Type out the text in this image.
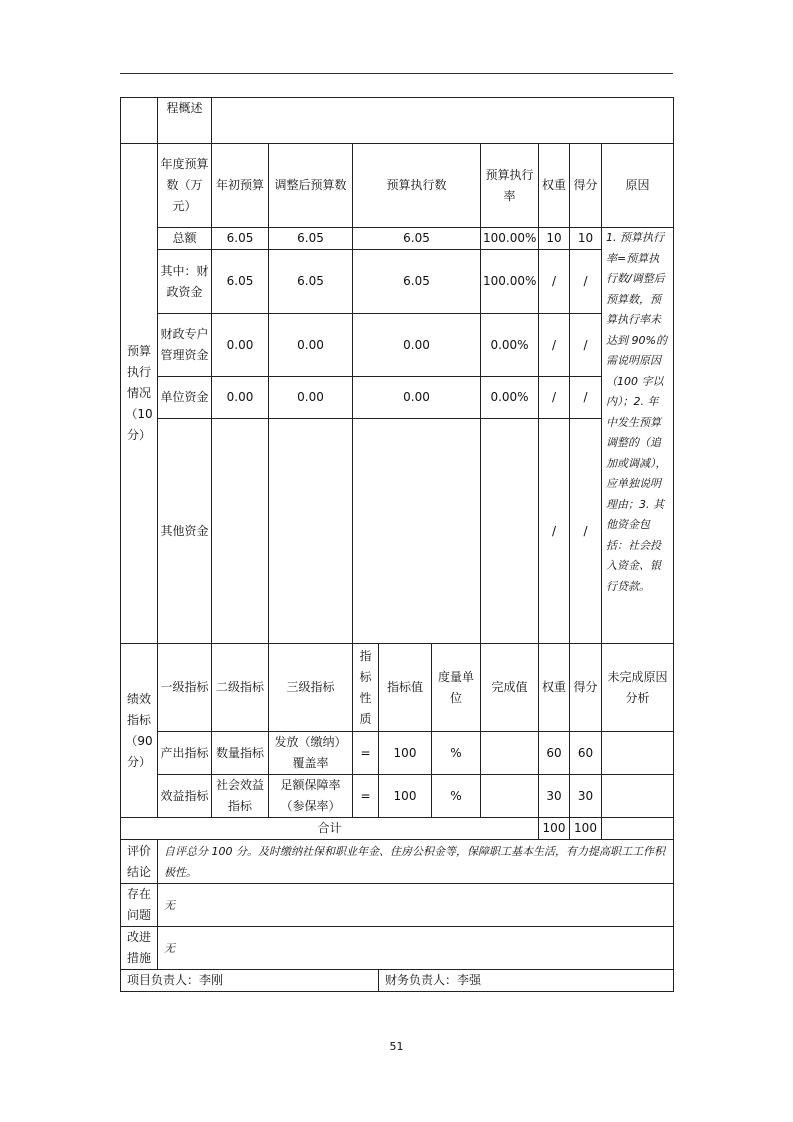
	程概述									
预算执行情况（10分）	年度预算数（万元）	年初预算	调整后预算数	预算执行数			预算执行率	权重	得分	原因
	总额	6.05	6.05	6.05			100.00%	10	10	1. 预算执行率=预算执行数/调整后预算数，预算执行率未达到 90%的需说明原因（100 字以内）；2. 年中发生预算调整的（追加或调减），应单独说明理由；3. 其他资金包括：社会投入资金、银行贷款。
	其中：财政资金	6.05	6.05	6.05			100.00%	/	/	
	财政专户管理资金	0.00	0.00	0.00			0.00%	/	/	
	单位资金	0.00	0.00	0.00			0.00%	/	/	
	其他资金							/	/	
绩效指标（90分）	一级指标	二级指标	三级指标	指标性质	指标值	度量单位	完成值	权重	得分	未完成原因分析
	产出指标	数量指标	发放（缴纳）覆盖率	=	100	%		60	60	
	效益指标	社会效益指标	足额保障率（参保率）	=	100	%		30	30	
合计								100	100	
评价结论	自评总分 100 分。及时缴纳社保和职业年金、住房公积金等，保障职工基本生活，有力提高职工工作积极性。									
存在问题	无									
改进措施	无									
项目负责人：李刚					财务负责人：李强					
51
